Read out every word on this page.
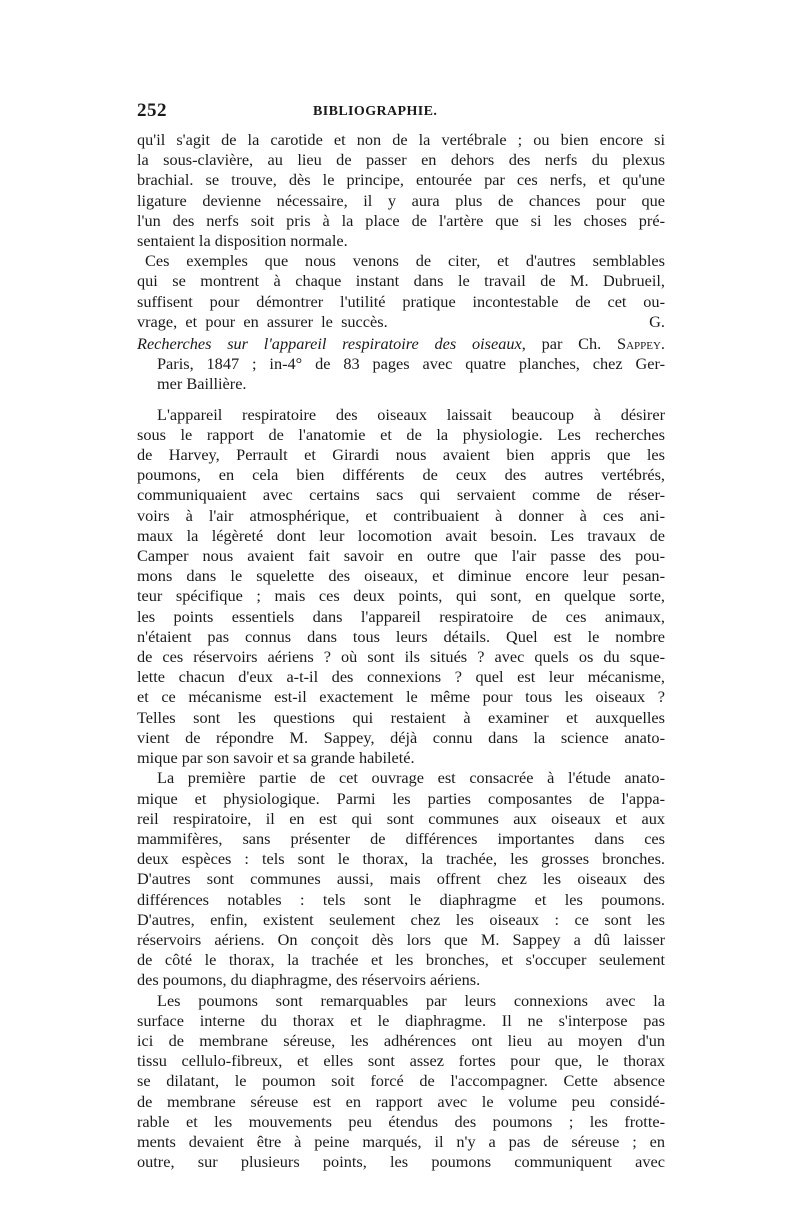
252	BIBLIOGRAPHIE.
qu'il s'agit de la carotide et non de la vertébrale ; ou bien encore si
la sous-clavière, au lieu de passer en dehors des nerfs du plexus
brachial. se trouve, dès le principe, entourée par ces nerfs, et qu'une
ligature devienne nécessaire, il y aura plus de chances pour que
l'un des nerfs soit pris à la place de l'artère que si les choses pré-
sentaient la disposition normale.
Ces exemples que nous venons de citer, et d'autres semblables
qui se montrent à chaque instant dans le travail de M. Dubrueil,
suffisent pour démontrer l'utilité pratique incontestable de cet ou-
vrage, et pour en assurer le succès.                                G.
Recherches sur l'appareil respiratoire des oiseaux, par Ch. Sappey.
Paris, 1847 ; in-4° de 83 pages avec quatre planches, chez Ger-
mer Baillière.
L'appareil respiratoire des oiseaux laissait beaucoup à désirer
sous le rapport de l'anatomie et de la physiologie. Les recherches
de Harvey, Perrault et Girardi nous avaient bien appris que les
poumons, en cela bien différents de ceux des autres vertébrés,
communiquaient avec certains sacs qui servaient comme de réser-
voirs à l'air atmosphérique, et contribuaient à donner à ces ani-
maux la légèreté dont leur locomotion avait besoin. Les travaux de
Camper nous avaient fait savoir en outre que l'air passe des pou-
mons dans le squelette des oiseaux, et diminue encore leur pesan-
teur spécifique ; mais ces deux points, qui sont, en quelque sorte,
les points essentiels dans l'appareil respiratoire de ces animaux,
n'étaient pas connus dans tous leurs détails. Quel est le nombre
de ces réservoirs aériens ? où sont ils situés ? avec quels os du sque-
lette chacun d'eux a-t-il des connexions ? quel est leur mécanisme,
et ce mécanisme est-il exactement le même pour tous les oiseaux ?
Telles sont les questions qui restaient à examiner et auxquelles
vient de répondre M. Sappey, déjà connu dans la science anato-
mique par son savoir et sa grande habileté.
La première partie de cet ouvrage est consacrée à l'étude anato-
mique et physiologique. Parmi les parties composantes de l'appa-
reil respiratoire, il en est qui sont communes aux oiseaux et aux
mammifères, sans présenter de différences importantes dans ces
deux espèces : tels sont le thorax, la trachée, les grosses bronches.
D'autres sont communes aussi, mais offrent chez les oiseaux des
différences notables : tels sont le diaphragme et les poumons.
D'autres, enfin, existent seulement chez les oiseaux : ce sont les
réservoirs aériens. On conçoit dès lors que M. Sappey a dû laisser
de côté le thorax, la trachée et les bronches, et s'occuper seulement
des poumons, du diaphragme, des réservoirs aériens.
Les poumons sont remarquables par leurs connexions avec la
surface interne du thorax et le diaphragme. Il ne s'interpose pas
ici de membrane séreuse, les adhérences ont lieu au moyen d'un
tissu cellulo-fibreux, et elles sont assez fortes pour que, le thorax
se dilatant, le poumon soit forcé de l'accompagner. Cette absence
de membrane séreuse est en rapport avec le volume peu considé-
rable et les mouvements peu étendus des poumons ; les frotte-
ments devaient être à peine marqués, il n'y a pas de séreuse ; en
outre, sur plusieurs points, les poumons communiquent avec
